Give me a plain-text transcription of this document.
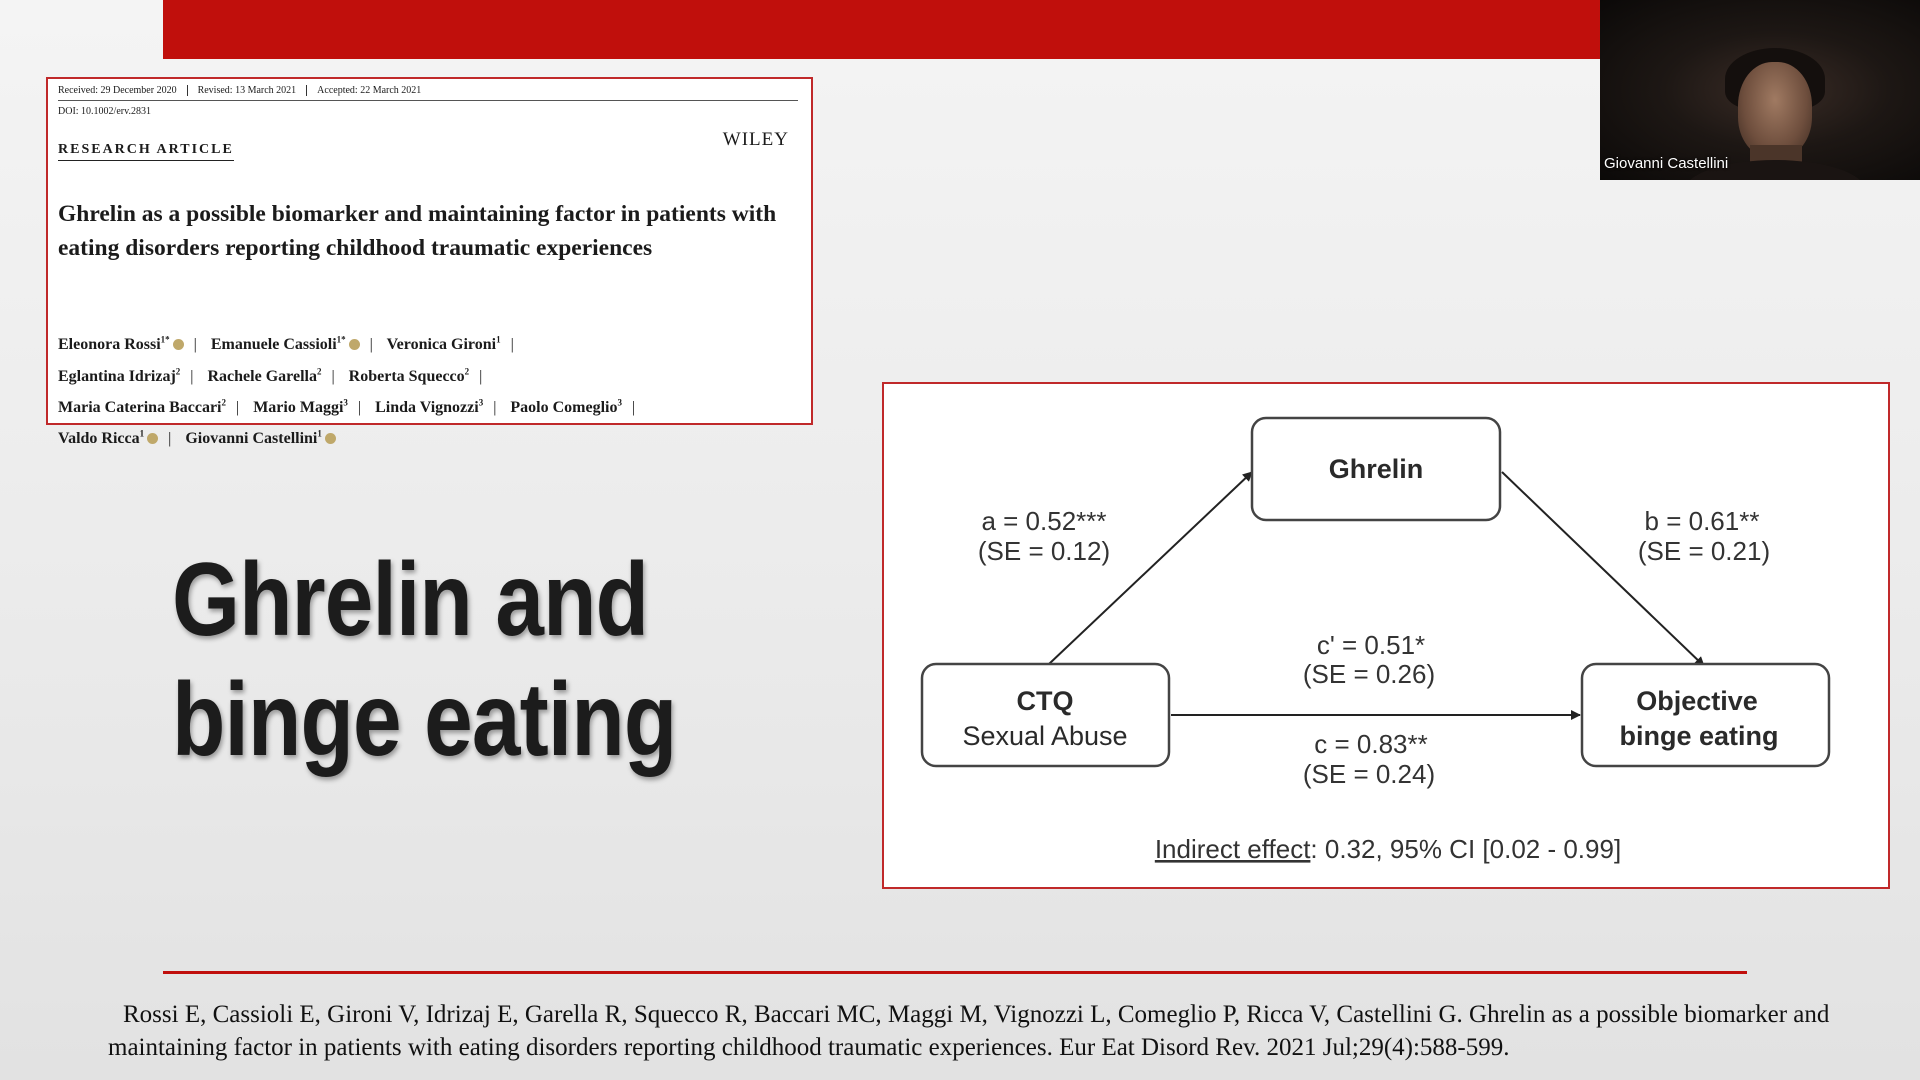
Giovanni Castellini
Received: 29 December 2020	Revised: 13 March 2021	Accepted: 22 March 2021
DOI: 10.1002/erv.2831
RESEARCH ARTICLE	WILEY
Ghrelin as a possible biomarker and maintaining factor in patients with eating disorders reporting childhood traumatic experiences
Eleonora Rossi$^{1*}$ | Emanuele Cassioli$^{1*}$ | Veronica Gironi$^1$ |
Eglantina Idrizaj$^2$ | Rachele Garella$^2$ | Roberta Squecco$^2$ |
Maria Caterina Baccari$^2$ | Mario Maggi$^3$ | Linda Vignozzi$^3$ | Paolo Comeglio$^3$ |
Valdo Ricca$^1$ | Giovanni Castellini$^1$
Ghrelin and
binge eating
Ghrelin
CTQ
Sexual Abuse
Objective
binge eating
a = 0.52***
(SE = 0.12)
b = 0.61**
(SE = 0.21)
c' = 0.51*
(SE = 0.26)
c = 0.83**
(SE = 0.24)
Indirect effect: 0.32, 95% CI [0.02 - 0.99]

Rossi E, Cassioli E, Gironi V, Idrizaj E, Garella R, Squecco R, Baccari MC, Maggi M, Vignozzi L, Comeglio P, Ricca V, Castellini G. Ghrelin as a possible biomarker and maintaining factor in patients with eating disorders reporting childhood traumatic experiences. Eur Eat Disord Rev. 2021 Jul;29(4):588-599.
